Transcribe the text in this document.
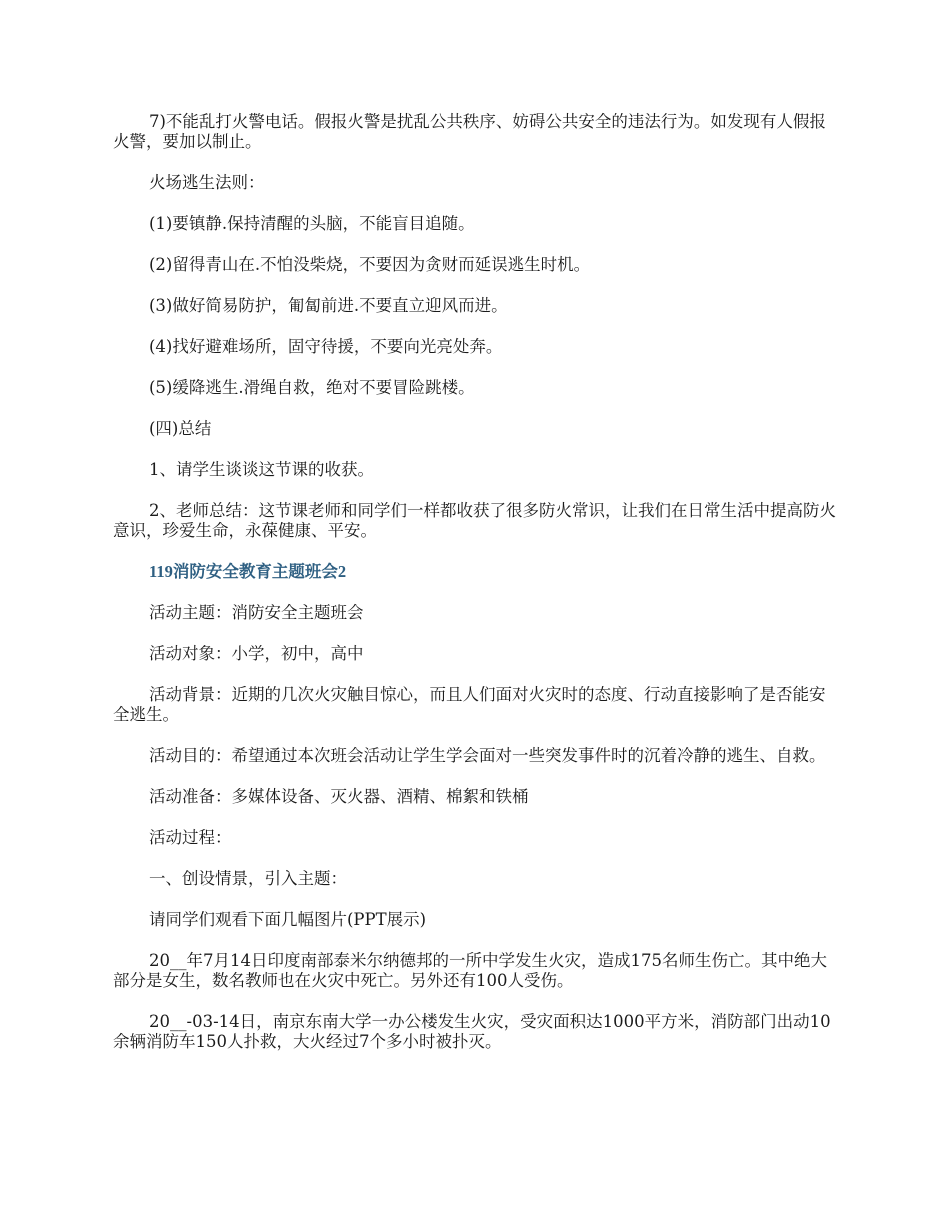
7)不能乱打火警电话。假报火警是扰乱公共秩序、妨碍公共安全的违法行为。如发现有人假报火警，要加以制止。

火场逃生法则：

(1)要镇静.保持清醒的头脑，不能盲目追随。

(2)留得青山在.不怕没柴烧，不要因为贪财而延误逃生时机。

(3)做好简易防护，匍匐前进.不要直立迎风而进。

(4)找好避难场所，固守待援，不要向光亮处奔。

(5)缓降逃生.滑绳自救，绝对不要冒险跳楼。

(四)总结

1、请学生谈谈这节课的收获。

2、老师总结：这节课老师和同学们一样都收获了很多防火常识，让我们在日常生活中提高防火意识，珍爱生命，永葆健康、平安。

119消防安全教育主题班会2

活动主题：消防安全主题班会

活动对象：小学，初中，高中

活动背景：近期的几次火灾触目惊心，而且人们面对火灾时的态度、行动直接影响了是否能安全逃生。

活动目的：希望通过本次班会活动让学生学会面对一些突发事件时的沉着冷静的逃生、自救。

活动准备：多媒体设备、灭火器、酒精、棉絮和铁桶

活动过程：

一、创设情景，引入主题：

请同学们观看下面几幅图片(PPT展示)

20__年7月14日印度南部泰米尔纳德邦的一所中学发生火灾，造成175名师生伤亡。其中绝大部分是女生，数名教师也在火灾中死亡。另外还有100人受伤。

20__-03-14日，南京东南大学一办公楼发生火灾，受灾面积达1000平方米，消防部门出动10余辆消防车150人扑救，大火经过7个多小时被扑灭。
